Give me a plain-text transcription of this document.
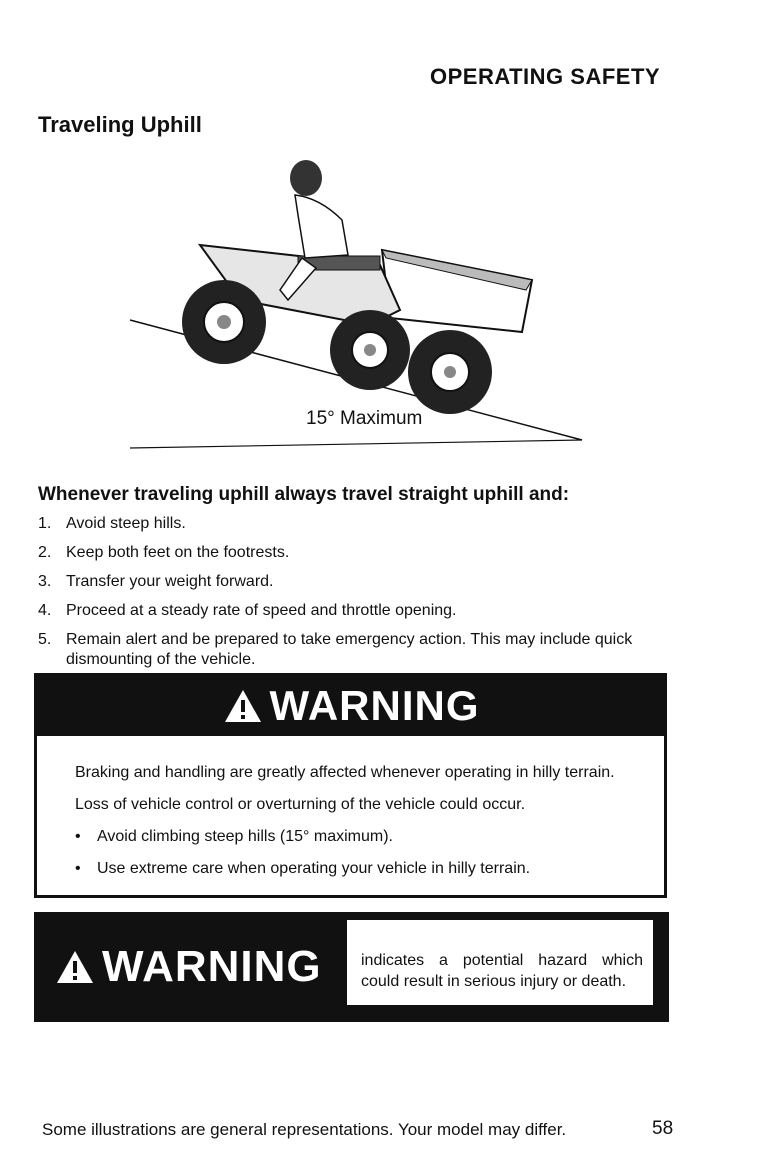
OPERATING SAFETY
Traveling Uphill
15° Maximum
Whenever traveling uphill always travel straight uphill and:
1. Avoid steep hills.
2. Keep both feet on the footrests.
3. Transfer your weight forward.
4. Proceed at a steady rate of speed and throttle opening.
5. Remain alert and be prepared to take emergency action. This may include quick dismounting of the vehicle.
WARNING

Braking and handling are greatly affected whenever operating in hilly terrain.

Loss of vehicle control or overturning of the vehicle could occur.

•	Avoid climbing steep hills (15° maximum).
•	Use extreme care when operating your vehicle in hilly terrain.
WARNING	indicates a potential hazard which could result in serious injury or death.
Some illustrations are general representations. Your model may differ.	58
